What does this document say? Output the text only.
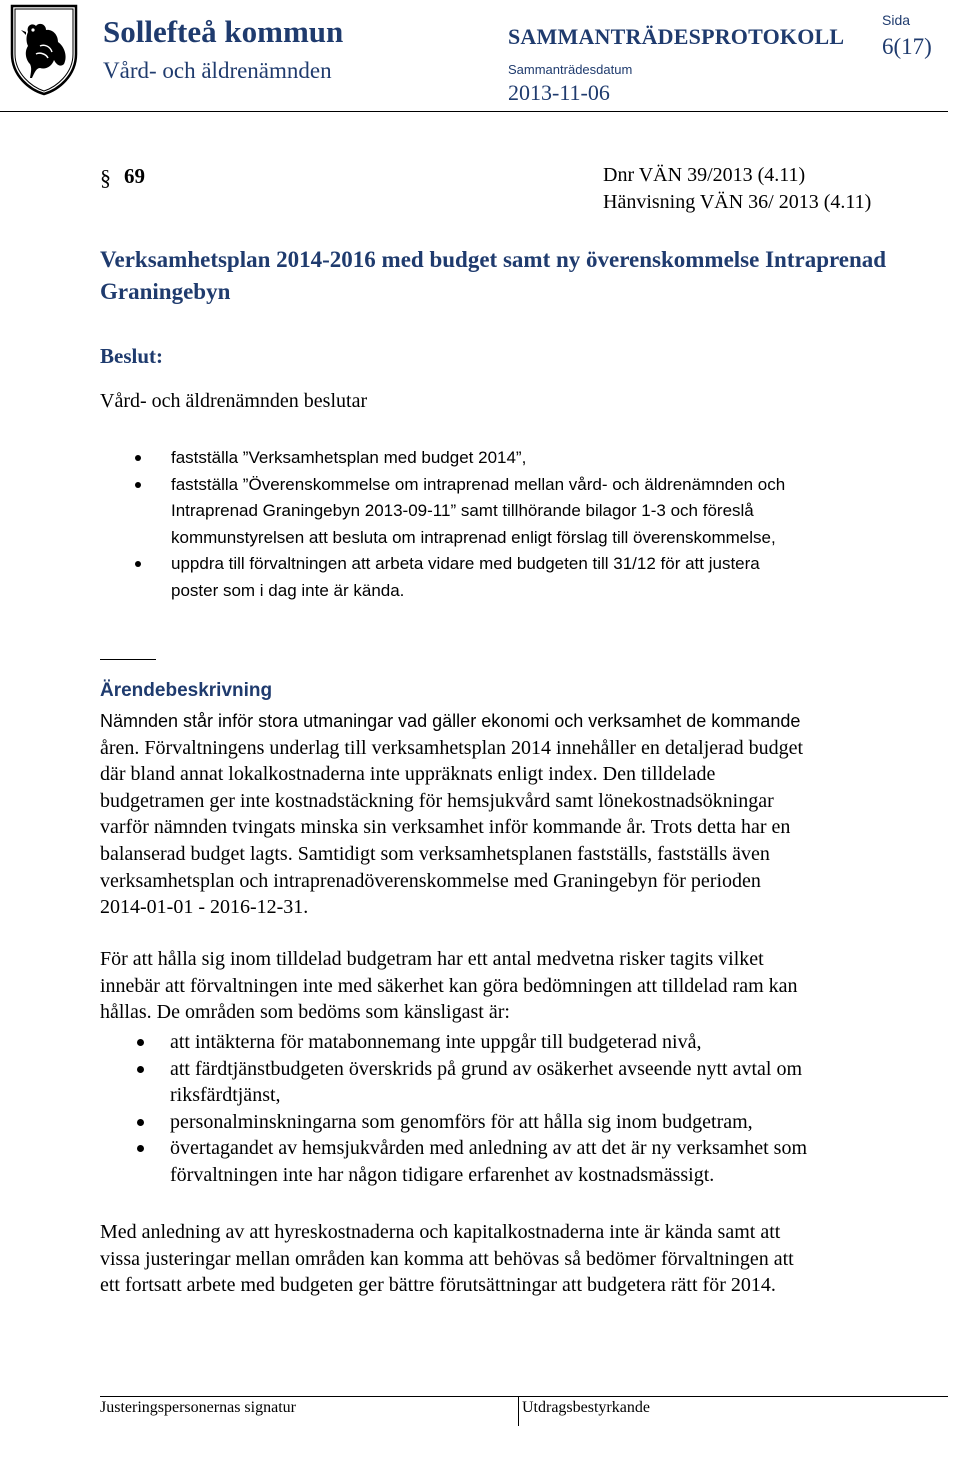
Sollefteå kommun
Vård- och äldrenämnden
SAMMANTRÄDESPROTOKOLL
Sammanträdesdatum
2013-11-06
Sida
6(17)
§ 69	Dnr VÄN 39/2013 (4.11)
Hänvisning VÄN 36/ 2013 (4.11)
Verksamhetsplan 2014-2016 med budget samt ny överenskommelse Intraprenad Graningebyn
Beslut:
Vård- och äldrenämnden beslutar
fastställa ”Verksamhetsplan med budget 2014”,
fastställa ”Överenskommelse om intraprenad mellan vård- och äldrenämnden och
Intraprenad Graningebyn 2013-09-11” samt tillhörande bilagor 1-3 och föreslå
kommunstyrelsen att besluta om intraprenad enligt förslag till överenskommelse,
uppdra till förvaltningen att arbeta vidare med budgeten till 31/12 för att justera
poster som i dag inte är kända.
Ärendebeskrivning
Nämnden står inför stora utmaningar vad gäller ekonomi och verksamhet de kommande
åren. Förvaltningens underlag till verksamhetsplan 2014 innehåller en detaljerad budget
där bland annat lokalkostnaderna inte uppräknats enligt index. Den tilldelade
budgetramen ger inte kostnadstäckning för hemsjukvård samt lönekostnadsökningar
varför nämnden tvingats minska sin verksamhet inför kommande år. Trots detta har en
balanserad budget lagts. Samtidigt som verksamhetsplanen fastställs, fastställs även
verksamhetsplan och intraprenadöverenskommelse med Graningebyn för perioden
2014-01-01 - 2016-12-31.
För att hålla sig inom tilldelad budgetram har ett antal medvetna risker tagits vilket
innebär att förvaltningen inte med säkerhet kan göra bedömningen att tilldelad ram kan
hållas. De områden som bedöms som känsligast är:
att intäkterna för matabonnemang inte uppgår till budgeterad nivå,
att färdtjänstbudgeten överskrids på grund av osäkerhet avseende nytt avtal om
riksfärdtjänst,
personalminskningarna som genomförs för att hålla sig inom budgetram,
övertagandet av hemsjukvården med anledning av att det är ny verksamhet som
förvaltningen inte har någon tidigare erfarenhet av kostnadsmässigt.
Med anledning av att hyreskostnaderna och kapitalkostnaderna inte är kända samt att
vissa justeringar mellan områden kan komma att behövas så bedömer förvaltningen att
ett fortsatt arbete med budgeten ger bättre förutsättningar att budgetera rätt för 2014.
Justeringspersonernas signatur	Utdragsbestyrkande
